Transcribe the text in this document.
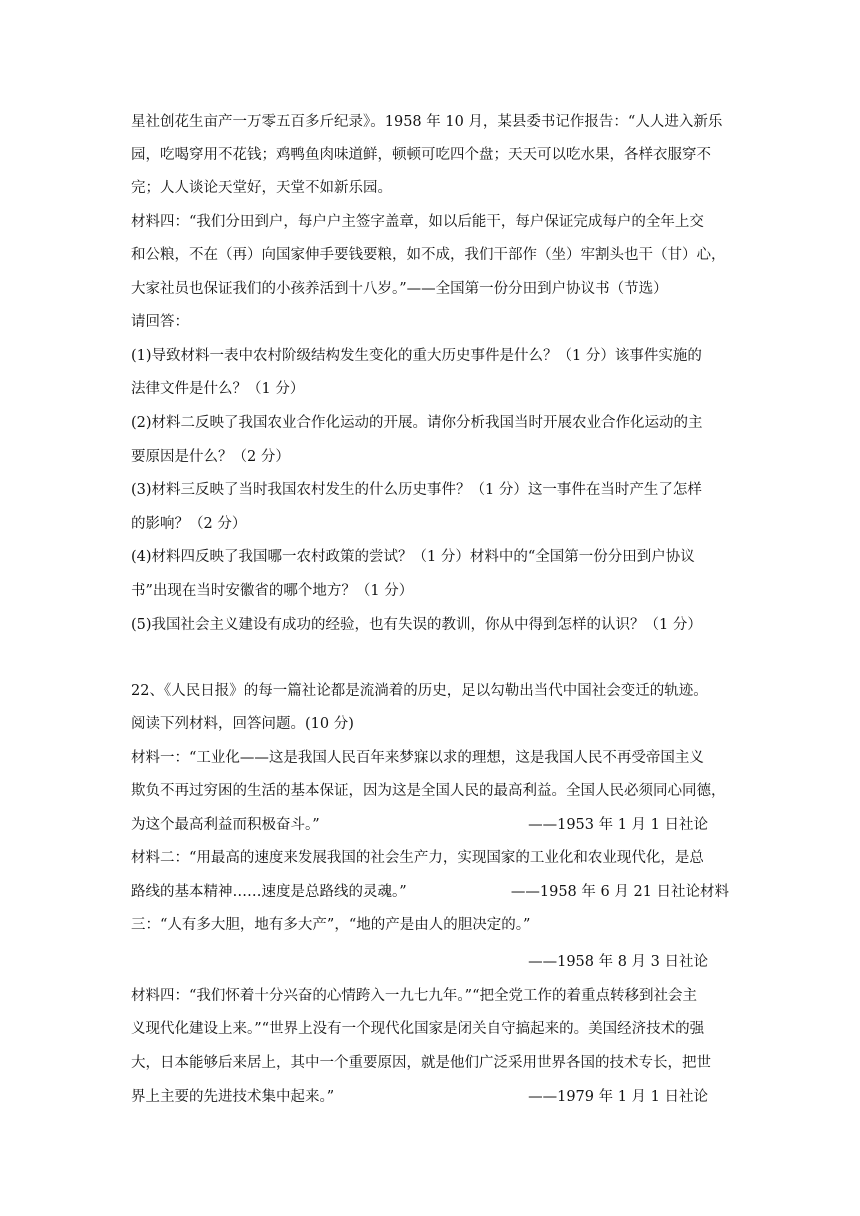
星社创花生亩产一万零五百多斤纪录》。1958 年 10 月，某县委书记作报告：“人人进入新乐
园，吃喝穿用不花钱；鸡鸭鱼肉味道鲜，顿顿可吃四个盘；天天可以吃水果，各样衣服穿不
完；人人谈论天堂好，天堂不如新乐园。
材料四：“我们分田到户，每户户主签字盖章，如以后能干，每户保证完成每户的全年上交
和公粮，不在（再）向国家伸手要钱要粮，如不成，我们干部作（坐）牢割头也干（甘）心，
大家社员也保证我们的小孩养活到十八岁。”——全国第一份分田到户协议书（节选）
请回答：
(1)导致材料一表中农村阶级结构发生变化的重大历史事件是什么？（1 分）该事件实施的
法律文件是什么？（1 分）
(2)材料二反映了我国农业合作化运动的开展。请你分析我国当时开展农业合作化运动的主
要原因是什么？（2 分）
(3)材料三反映了当时我国农村发生的什么历史事件？（1 分）这一事件在当时产生了怎样
的影响？（2 分）
(4)材料四反映了我国哪一农村政策的尝试？（1 分）材料中的“全国第一份分田到户协议
书”出现在当时安徽省的哪个地方？（1 分）
(5)我国社会主义建设有成功的经验，也有失误的教训，你从中得到怎样的认识？（1 分）
22、《人民日报》的每一篇社论都是流淌着的历史，足以勾勒出当代中国社会变迁的轨迹。
阅读下列材料，回答问题。(10 分)
材料一：“工业化——这是我国人民百年来梦寐以求的理想，这是我国人民不再受帝国主义
欺负不再过穷困的生活的基本保证，因为这是全国人民的最高利益。全国人民必须同心同德，
为这个最高利益而积极奋斗。”	——1953 年 1 月 1 日社论
材料二：“用最高的速度来发展我国的社会生产力，实现国家的工业化和农业现代化，是总
路线的基本精神……速度是总路线的灵魂。”	——1958 年 6 月 21 日社论材料
三：“人有多大胆，地有多大产”，“地的产是由人的胆决定的。”
——1958 年 8 月 3 日社论
材料四：“我们怀着十分兴奋的心情跨入一九七九年。”“把全党工作的着重点转移到社会主
义现代化建设上来。”“世界上没有一个现代化国家是闭关自守搞起来的。美国经济技术的强
大，日本能够后来居上，其中一个重要原因，就是他们广泛采用世界各国的技术专长，把世
界上主要的先进技术集中起来。”	——1979 年 1 月 1 日社论
